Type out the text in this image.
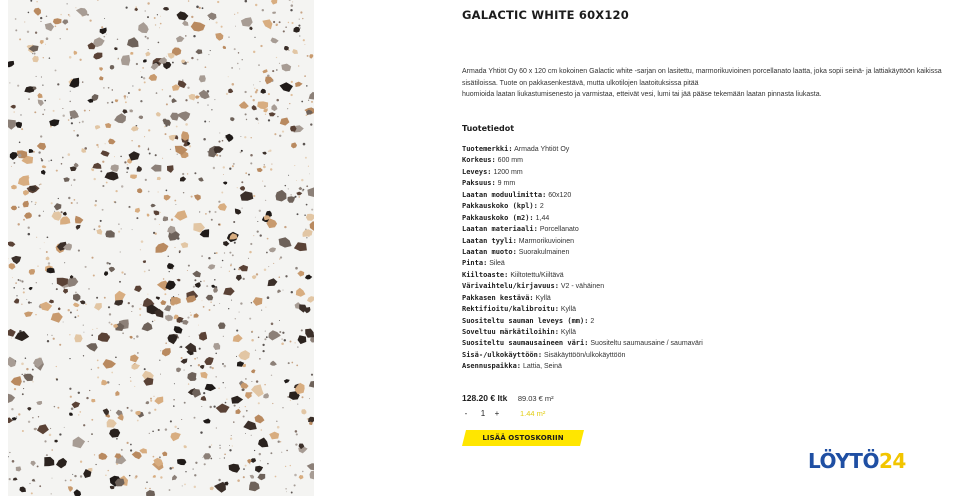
GALACTIC WHITE 60X120
Armada Yhtiöt Oy 60 x 120 cm kokoinen Galactic white -sarjan on lasitettu, marmorikuvioinen porcellanato laatta, joka sopii seinä- ja lattiakäyttöön kaikissa
sisätiloissa. Tuote on pakkasenkestävä, mutta ulkotilojen laatoituksissa pitää
huomioida laatan liukastumisenesto ja varmistaa, etteivät vesi, lumi tai jää pääse tekemään laatan pinnasta liukasta.
Tuotetiedot
Tuotemerkki: Armada Yhtiöt Oy
Korkeus: 600 mm
Leveys: 1200 mm
Paksuus: 9 mm
Laatan moduulimitta: 60x120
Pakkauskoko (kpl): 2
Pakkauskoko (m2): 1,44
Laatan materiaali: Porcellanato
Laatan tyyli: Marmorikuvioinen
Laatan muoto: Suorakulmainen
Pinta: Sileä
Kiiltoaste: Kiiltotettu/Kiiltävä
Värivaihtelu/kirjavuus: V2 - vähäinen
Pakkasen kestävä: Kyllä
Rektifioitu/kalibroitu: Kyllä
Suositeltu sauman leveys (mm): 2
Soveltuu märkätiloihin: Kyllä
Suositeltu saumausaineen väri: Suositeltu saumausaine / saumaväri
Sisä-/ulkokäyttöön: Sisäkäyttöön/ulkokäyttöön
Asennuspaikka: Lattia, Seinä
128.20 € ltk 89.03 € m²
-	1	+	1.44 m²
LISÄÄ OSTOSKORIIN
LÖYTÖ24
